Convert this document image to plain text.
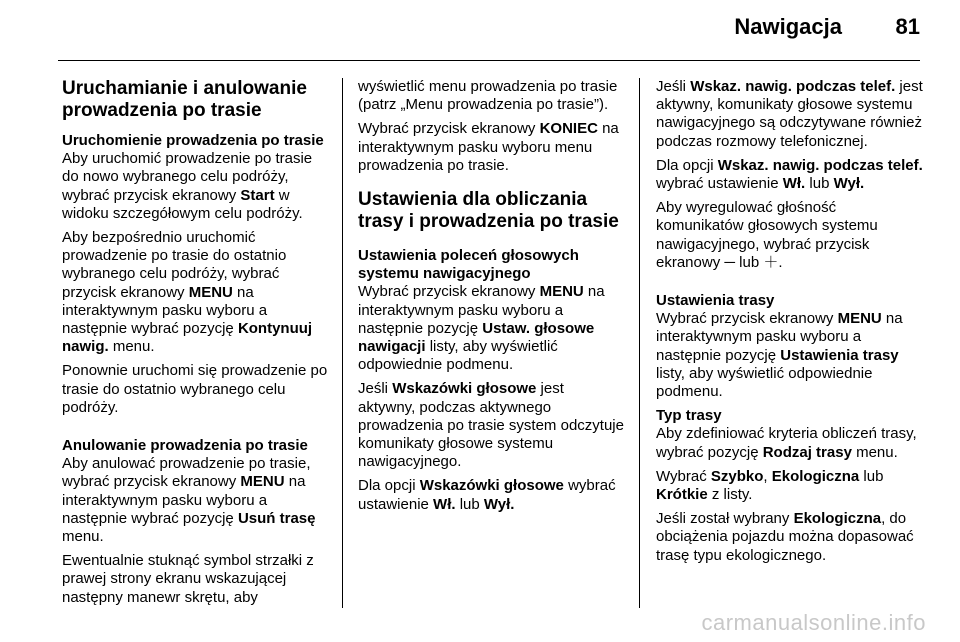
Nawigacja 81
Uruchamianie i anulowanie prowadzenia po trasie
Uruchomienie prowadzenia po trasie

Aby uruchomić prowadzenie po trasie do nowo wybranego celu podróży, wybrać przycisk ekranowy Start w widoku szczegółowym celu podróży.

Aby bezpośrednio uruchomić prowadzenie po trasie do ostatnio wybranego celu podróży, wybrać przycisk ekranowy MENU na interaktywnym pasku wyboru a następnie wybrać pozycję Kontynuuj nawig. menu.

Ponownie uruchomi się prowadzenie po trasie do ostatnio wybranego celu podróży.

Anulowanie prowadzenia po trasie

Aby anulować prowadzenie po trasie, wybrać przycisk ekranowy MENU na interaktywnym pasku wyboru a następnie wybrać pozycję Usuń trasę menu.

Ewentualnie stuknąć symbol strzałki z prawej strony ekranu wskazującej następny manewr skrętu, aby

wyświetlić menu prowadzenia po trasie (patrz „Menu prowadzenia po trasie”).

Wybrać przycisk ekranowy KONIEC na interaktywnym pasku wyboru menu prowadzenia po trasie.

Ustawienia dla obliczania trasy i prowadzenia po trasie
Ustawienia poleceń głosowych systemu nawigacyjnego

Wybrać przycisk ekranowy MENU na interaktywnym pasku wyboru a następnie pozycję Ustaw. głosowe nawigacji listy, aby wyświetlić odpowiednie podmenu.

Jeśli Wskazówki głosowe jest aktywny, podczas aktywnego prowadzenia po trasie system odczytuje komunikaty głosowe systemu nawigacyjnego.

Dla opcji Wskazówki głosowe wybrać ustawienie Wł. lub Wył.

Jeśli Wskaz. nawig. podczas telef. jest aktywny, komunikaty głosowe systemu nawigacyjnego są odczytywane również podczas rozmowy telefonicznej.

Dla opcji Wskaz. nawig. podczas telef. wybrać ustawienie Wł. lub Wył.

Aby wyregulować głośność komunikatów głosowych systemu nawigacyjnego, wybrać przycisk ekranowy ─ lub ＋.

Ustawienia trasy

Wybrać przycisk ekranowy MENU na interaktywnym pasku wyboru a następnie pozycję Ustawienia trasy listy, aby wyświetlić odpowiednie podmenu.

Typ trasy

Aby zdefiniować kryteria obliczeń trasy, wybrać pozycję Rodzaj trasy menu.

Wybrać Szybko, Ekologiczna lub Krótkie z listy.

Jeśli został wybrany Ekologiczna, do obciążenia pojazdu można dopasować trasę typu ekologicznego.

carmanualsonline.info
